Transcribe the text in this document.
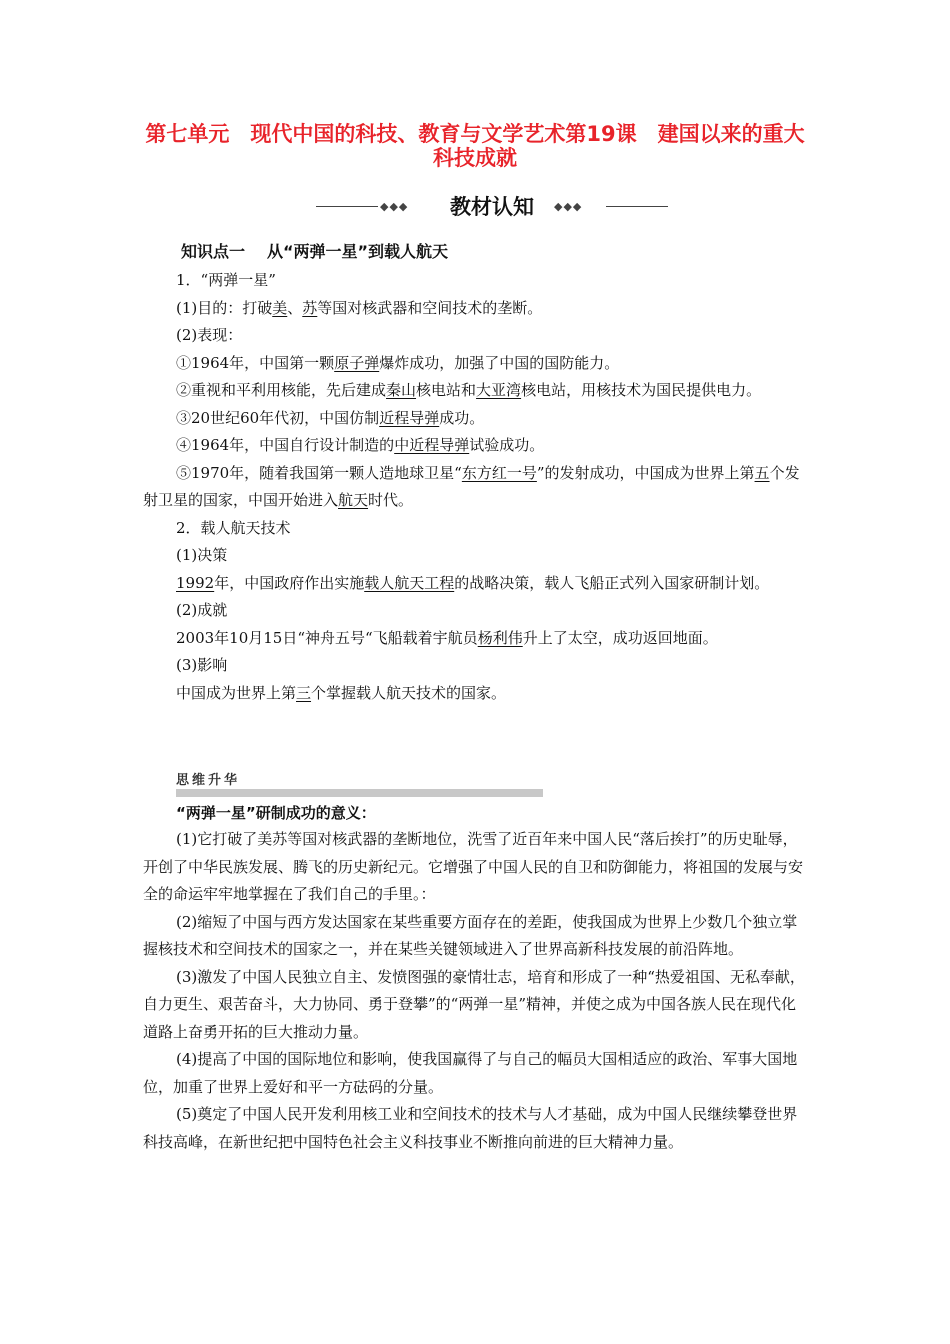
第七单元　现代中国的科技、教育与文学艺术第19课　建国以来的重大科技成就
◆◆◆	教材认知	◆◆◆
知识点一 从“两弹一星”到载人航天
1．“两弹一星”
(1)目的：打破美、苏等国对核武器和空间技术的垄断。
(2)表现：
①1964年，中国第一颗原子弹爆炸成功，加强了中国的国防能力。
②重视和平利用核能，先后建成秦山核电站和大亚湾核电站，用核技术为国民提供电力。
③20世纪60年代初，中国仿制近程导弹成功。
④1964年，中国自行设计制造的中近程导弹试验成功。
⑤1970年，随着我国第一颗人造地球卫星“东方红一号”的发射成功，中国成为世界上第五个发射卫星的国家，中国开始进入航天时代。
2．载人航天技术
(1)决策
1992年，中国政府作出实施载人航天工程的战略决策，载人飞船正式列入国家研制计划。
(2)成就
2003年10月15日“神舟五号“飞船载着宇航员杨利伟升上了太空，成功返回地面。
(3)影响
中国成为世界上第三个掌握载人航天技术的国家。
思维升华
“两弹一星”研制成功的意义：
(1)它打破了美苏等国对核武器的垄断地位，洗雪了近百年来中国人民“落后挨打”的历史耻辱，开创了中华民族发展、腾飞的历史新纪元。它增强了中国人民的自卫和防御能力，将祖国的发展与安全的命运牢牢地掌握在了我们自己的手里。：
(2)缩短了中国与西方发达国家在某些重要方面存在的差距，使我国成为世界上少数几个独立掌握核技术和空间技术的国家之一，并在某些关键领域进入了世界高新科技发展的前沿阵地。
(3)激发了中国人民独立自主、发愤图强的豪情壮志，培育和形成了一种“热爱祖国、无私奉献，自力更生、艰苦奋斗，大力协同、勇于登攀”的“两弹一星”精神，并使之成为中国各族人民在现代化道路上奋勇开拓的巨大推动力量。
(4)提高了中国的国际地位和影响，使我国赢得了与自己的幅员大国相适应的政治、军事大国地位，加重了世界上爱好和平一方砝码的分量。
(5)奠定了中国人民开发利用核工业和空间技术的技术与人才基础，成为中国人民继续攀登世界科技高峰，在新世纪把中国特色社会主义科技事业不断推向前进的巨大精神力量。
